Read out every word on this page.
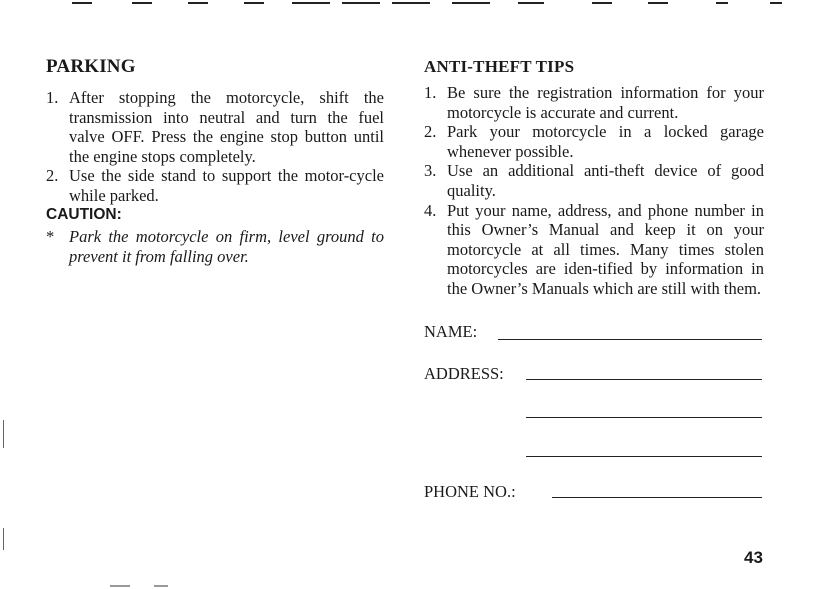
PARKING
1. After stopping the motorcycle, shift the transmission into neutral and turn the fuel valve OFF. Press the engine stop button until the engine stops completely.
2. Use the side stand to support the motor-cycle while parked.
CAUTION:
* Park the motorcycle on firm, level ground to prevent it from falling over.
ANTI-THEFT TIPS
1. Be sure the registration information for your motorcycle is accurate and current.
2. Park your motorcycle in a locked garage whenever possible.
3. Use an additional anti-theft device of good quality.
4. Put your name, address, and phone number in this Owner’s Manual and keep it on your motorcycle at all times. Many times stolen motorcycles are iden-tified by information in the Owner’s Manuals which are still with them.
NAME:
ADDRESS:
PHONE NO.:
43
